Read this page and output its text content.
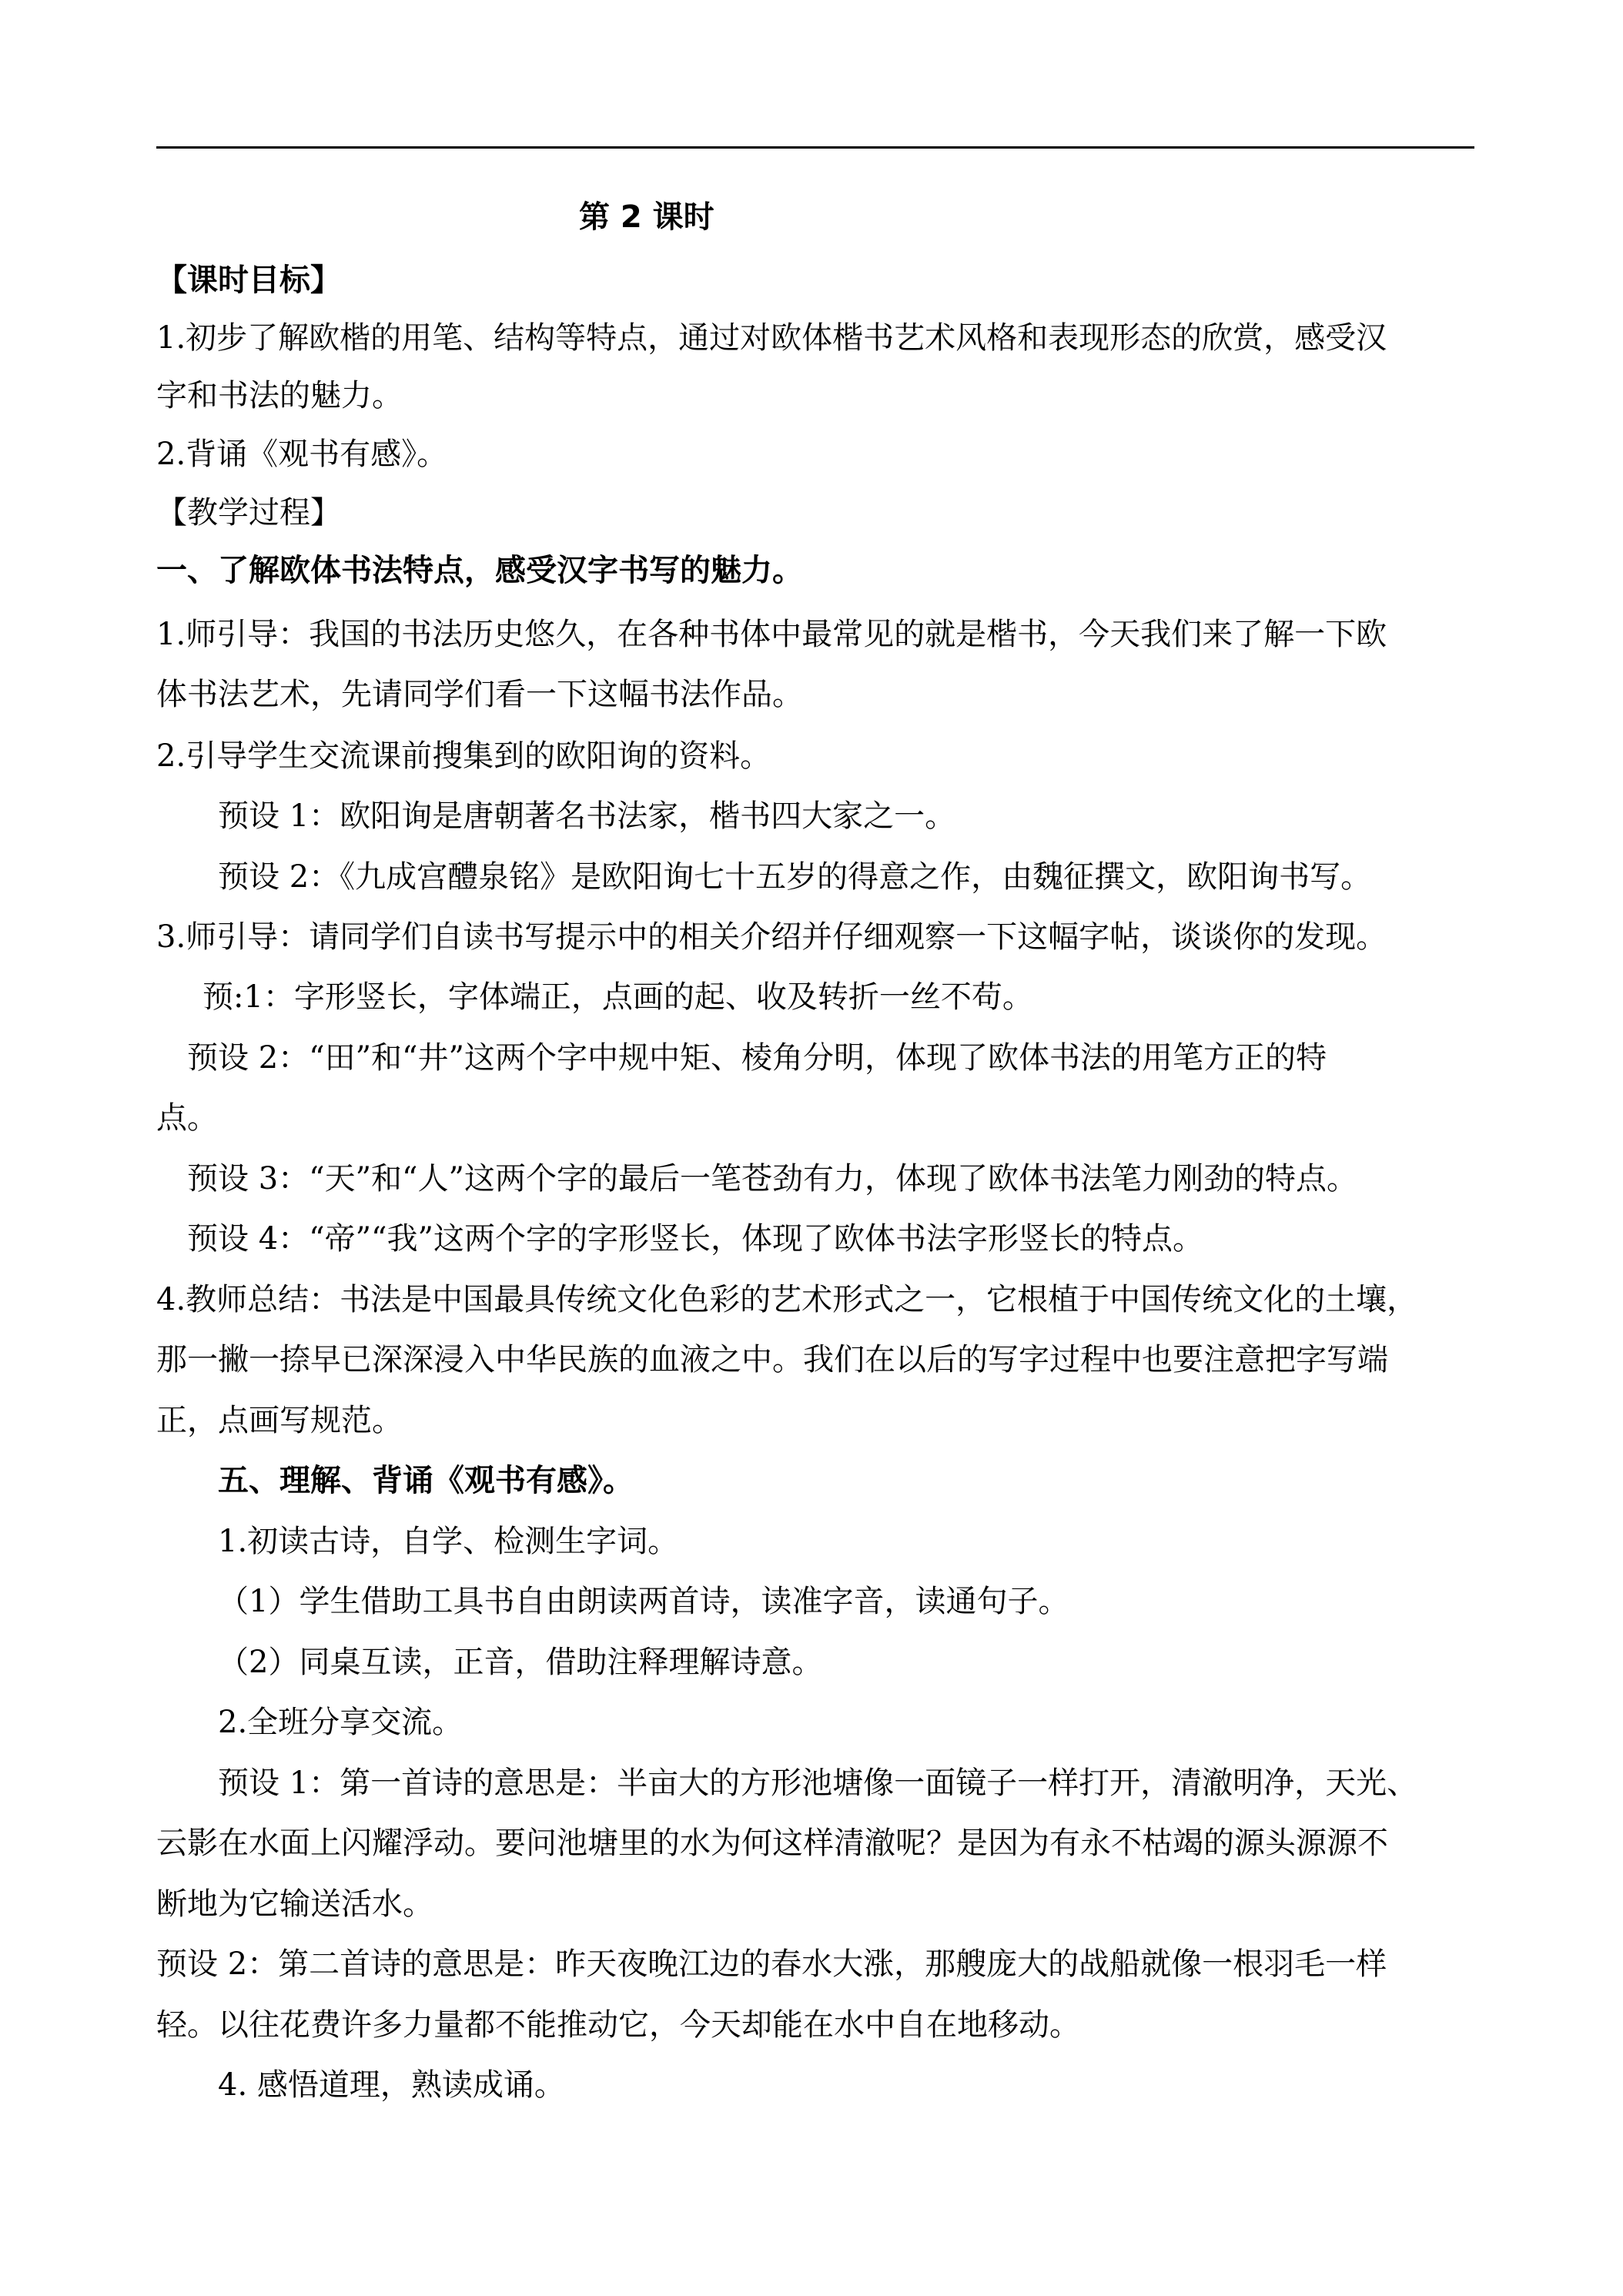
第 2 课时
【课时目标】
1.初步了解欧楷的用笔、结构等特点，通过对欧体楷书艺术风格和表现形态的欣赏，感受汉
字和书法的魅力。
2.背诵《观书有感》。
【教学过程】
一、了解欧体书法特点，感受汉字书写的魅力。
1.师引导：我国的书法历史悠久，在各种书体中最常见的就是楷书，今天我们来了解一下欧
体书法艺术，先请同学们看一下这幅书法作品。
2.引导学生交流课前搜集到的欧阳询的资料。
预设 1：欧阳询是唐朝著名书法家，楷书四大家之一。
预设 2：《九成宫醴泉铭》是欧阳询七十五岁的得意之作，由魏征撰文，欧阳询书写。
3.师引导：请同学们自读书写提示中的相关介绍并仔细观察一下这幅字帖，谈谈你的发现。
预:1：字形竖长，字体端正，点画的起、收及转折一丝不苟。
预设 2：“田”和“井”这两个字中规中矩、棱角分明，体现了欧体书法的用笔方正的特
点。
预设 3：“天”和“人”这两个字的最后一笔苍劲有力，体现了欧体书法笔力刚劲的特点。
预设 4：“帝”“我”这两个字的字形竖长，体现了欧体书法字形竖长的特点。
4.教师总结：书法是中国最具传统文化色彩的艺术形式之一，它根植于中国传统文化的土壤，
那一撇一捺早已深深浸入中华民族的血液之中。我们在以后的写字过程中也要注意把字写端
正，点画写规范。
五、理解、背诵《观书有感》。
1.初读古诗，自学、检测生字词。
（1）学生借助工具书自由朗读两首诗，读准字音，读通句子。
（2）同桌互读，正音，借助注释理解诗意。
2.全班分享交流。
预设 1：第一首诗的意思是：半亩大的方形池塘像一面镜子一样打开，清澈明净，天光、
云影在水面上闪耀浮动。要问池塘里的水为何这样清澈呢？是因为有永不枯竭的源头源源不
断地为它输送活水。
预设 2：第二首诗的意思是：昨天夜晚江边的春水大涨，那艘庞大的战船就像一根羽毛一样
轻。以往花费许多力量都不能推动它，今天却能在水中自在地移动。
4. 感悟道理，熟读成诵。
